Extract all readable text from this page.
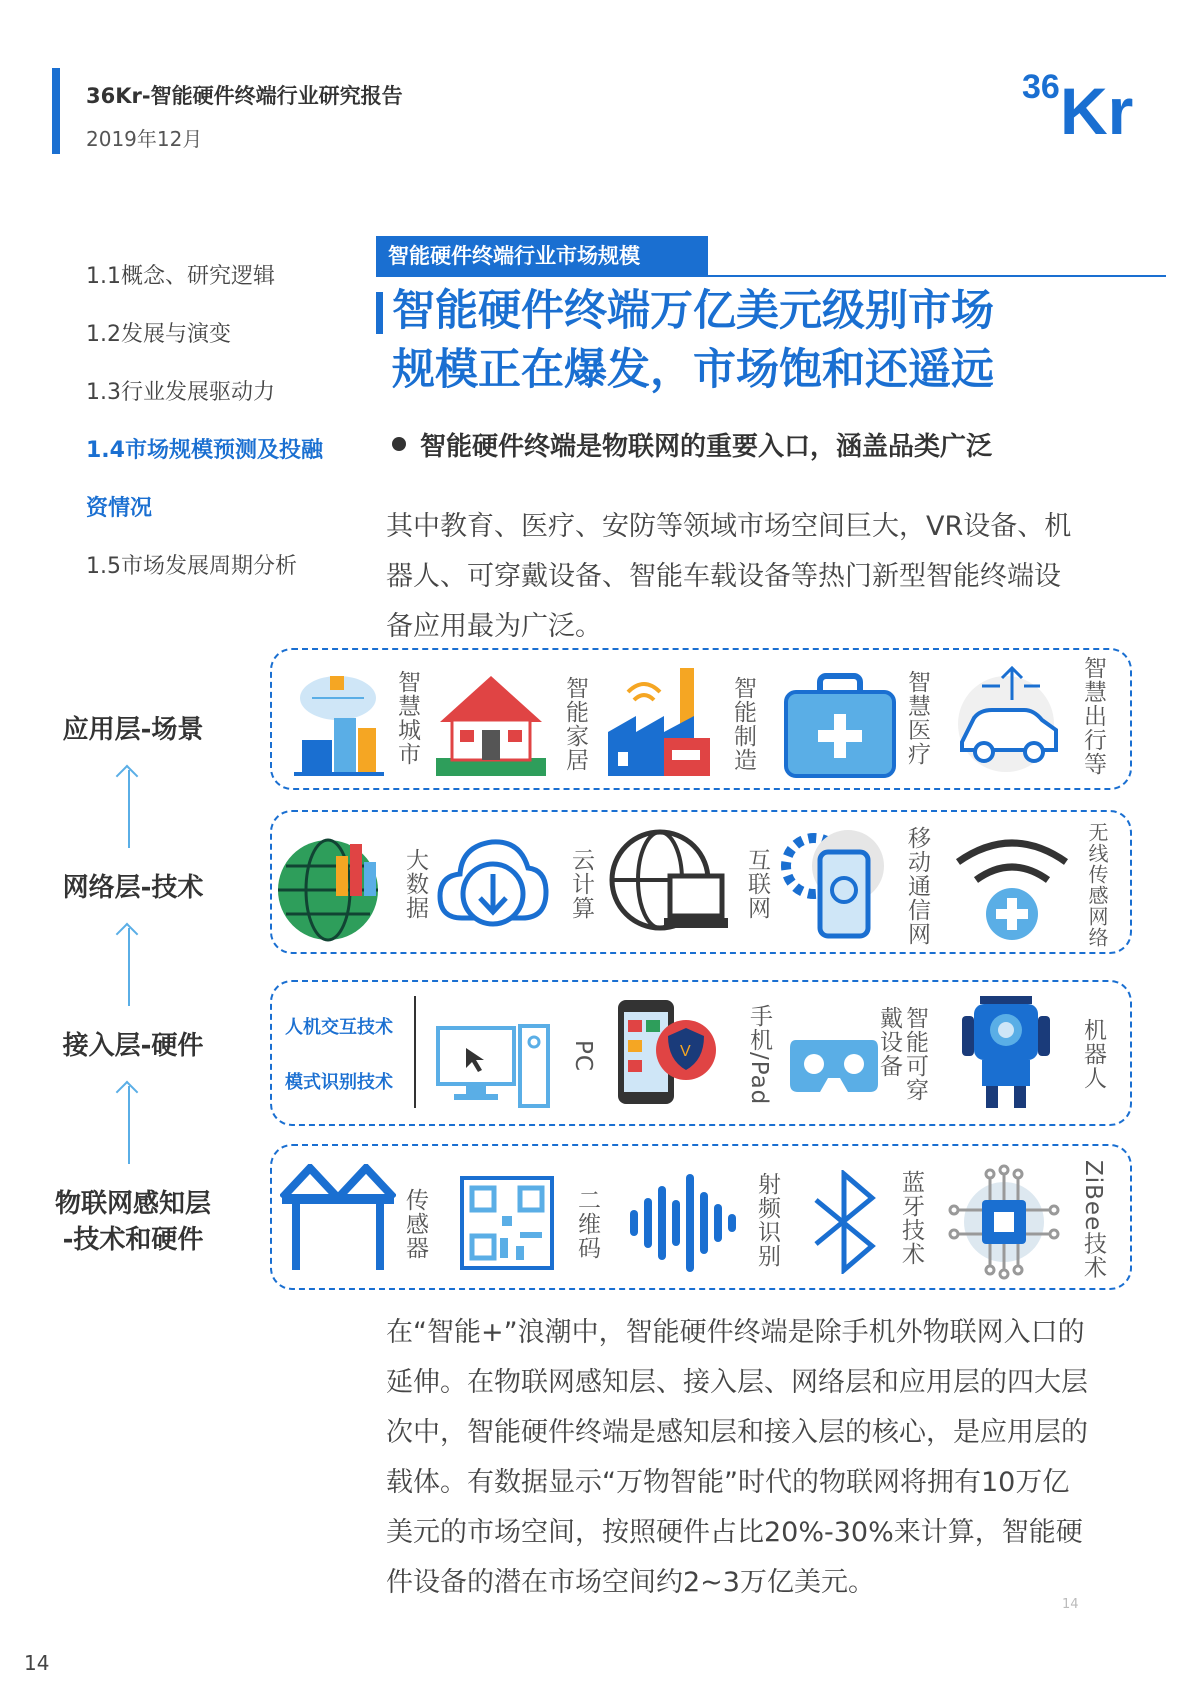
36Kr-智能硬件终端行业研究报告
2019年12月
36 Kr
1.1概念、研究逻辑
1.2发展与演变
1.3行业发展驱动力
1.4市场规模预测及投融
资情况
1.5市场发展周期分析
智能硬件终端行业市场规模
智能硬件终端万亿美元级别市场
规模正在爆发，市场饱和还遥远
智能硬件终端是物联网的重要入口，涵盖品类广泛
其中教育、医疗、安防等领域市场空间巨大，VR设备、机器人、可穿戴设备、智能车载设备等热门新型智能终端设备应用最为广泛。
应用层-场景
网络层-技术
接入层-硬件
物联网感知层
-技术和硬件
智慧城市	智能家居	智能制造	智慧医疗	智慧出行等
大数据	云计算	互联网	移动通信网	无线传感网络
人机交互技术
模式识别技术
PC	V 手机/Pad	智能可穿戴设备	机器人
传感器	二维码	射频识别	蓝牙技术	ZiBee技术
在“智能+”浪潮中，智能硬件终端是除手机外物联网入口的延伸。在物联网感知层、接入层、网络层和应用层的四大层次中，智能硬件终端是感知层和接入层的核心，是应用层的载体。有数据显示“万物智能”时代的物联网将拥有10万亿美元的市场空间，按照硬件占比20%-30%来计算，智能硬件设备的潜在市场空间约2~3万亿美元。
14
14
